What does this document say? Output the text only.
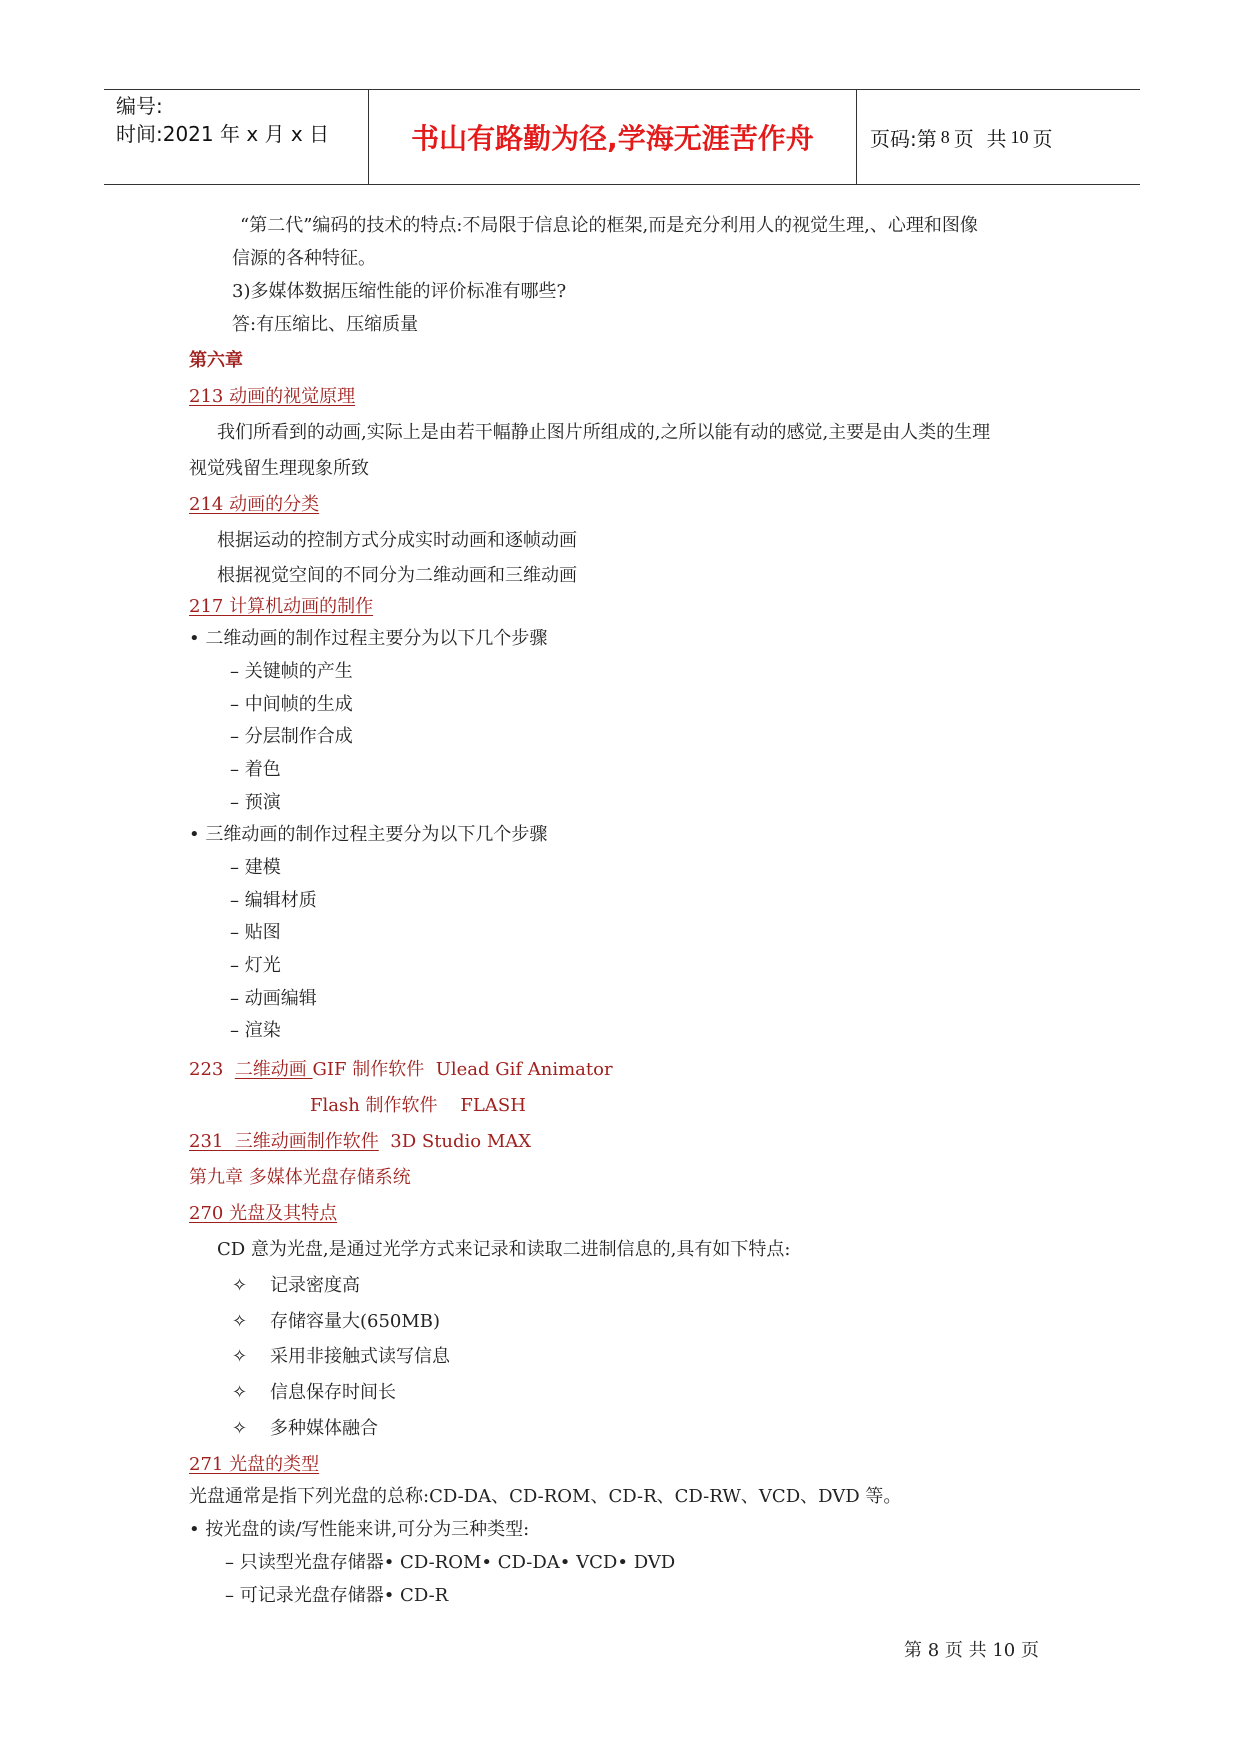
编号:
时间:2021 年 x 月 x 日	书山有路勤为径,学海无涯苦作舟	页码:第 8 页  共 10 页
“第二代”编码的技术的特点:不局限于信息论的框架,而是充分利用人的视觉生理,、心理和图像
信源的各种特征。
3)多媒体数据压缩性能的评价标准有哪些?
答:有压缩比、压缩质量
第六章
213 动画的视觉原理
我们所看到的动画,实际上是由若干幅静止图片所组成的,之所以能有动的感觉,主要是由人类的生理
视觉残留生理现象所致
214 动画的分类
根据运动的控制方式分成实时动画和逐帧动画
根据视觉空间的不同分为二维动画和三维动画
217 计算机动画的制作
• 二维动画的制作过程主要分为以下几个步骤
– 关键帧的产生
– 中间帧的生成
– 分层制作合成
– 着色
– 预演
• 三维动画的制作过程主要分为以下几个步骤
– 建模
– 编辑材质
– 贴图
– 灯光
– 动画编辑
– 渲染
223  二维动画 GIF 制作软件  Ulead Gif Animator
Flash 制作软件    FLASH
231  三维动画制作软件  3D Studio MAX
第九章 多媒体光盘存储系统
270 光盘及其特点
CD 意为光盘,是通过光学方式来记录和读取二进制信息的,具有如下特点:
✧ 记录密度高
✧ 存储容量大(650MB)
✧ 采用非接触式读写信息
✧ 信息保存时间长
✧ 多种媒体融合
271 光盘的类型
光盘通常是指下列光盘的总称:CD-DA、CD-ROM、CD-R、CD-RW、VCD、DVD 等。
• 按光盘的读/写性能来讲,可分为三种类型:
– 只读型光盘存储器• CD-ROM• CD-DA• VCD• DVD
– 可记录光盘存储器• CD-R
第 8 页 共 10 页
